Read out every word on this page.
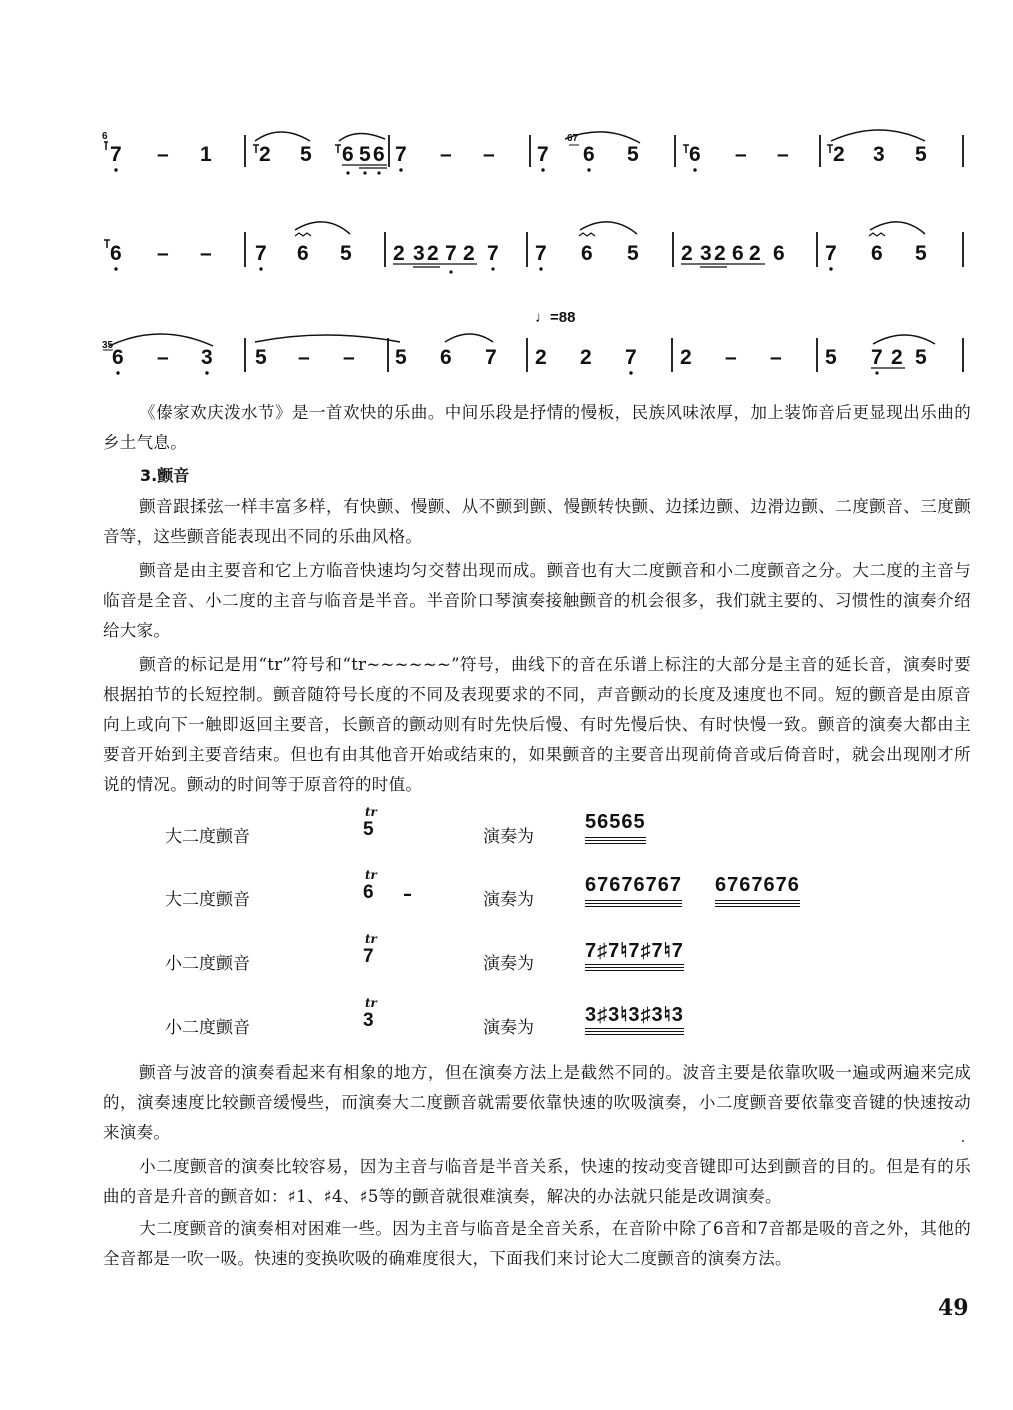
6
7 – 1 2 5 6 5 6 7 – – 7
67
6 5 6 – – 2 3 5
6 – – 7 6 5 2 3 2 7 2 7 7 6 5 2 3 2 6 2 6 7 6 5
♩=88
35
6 – 3 5 – – 5 6 7 2 2 7 2 – – 5 7 2 5
《傣家欢庆泼水节》是一首欢快的乐曲。中间乐段是抒情的慢板，民族风味浓厚，加上装饰音后更显现出乐曲的乡土气息。
3.颤音
颤音跟揉弦一样丰富多样，有快颤、慢颤、从不颤到颤、慢颤转快颤、边揉边颤、边滑边颤、二度颤音、三度颤音等，这些颤音能表现出不同的乐曲风格。
颤音是由主要音和它上方临音快速均匀交替出现而成。颤音也有大二度颤音和小二度颤音之分。大二度的主音与临音是全音、小二度的主音与临音是半音。半音阶口琴演奏接触颤音的机会很多，我们就主要的、习惯性的演奏介绍给大家。
颤音的标记是用“tr”符号和“tr~~~~~~”符号，曲线下的音在乐谱上标注的大部分是主音的延长音，演奏时要根据拍节的长短控制。颤音随符号长度的不同及表现要求的不同，声音颤动的长度及速度也不同。短的颤音是由原音向上或向下一触即返回主要音，长颤音的颤动则有时先快后慢、有时先慢后快、有时快慢一致。颤音的演奏大都由主要音开始到主要音结束。但也有由其他音开始或结束的，如果颤音的主要音出现前倚音或后倚音时，就会出现刚才所说的情况。颤动的时间等于原音符的时值。
大二度颤音
tr
5	演奏为
56565
大二度颤音
tr
6 –	演奏为
67676767 6767676
小二度颤音
tr
7	演奏为
7♯7♮7♯7♮7
小二度颤音
tr
3	演奏为
3♯3♮3♯3♮3
颤音与波音的演奏看起来有相象的地方，但在演奏方法上是截然不同的。波音主要是依靠吹吸一遍或两遍来完成的，演奏速度比较颤音缓慢些，而演奏大二度颤音就需要依靠快速的吹吸演奏，小二度颤音要依靠变音键的快速按动来演奏。
小二度颤音的演奏比较容易，因为主音与临音是半音关系，快速的按动变音键即可达到颤音的目的。但是有的乐曲的音是升音的颤音如：♯1、♯4、♯5等的颤音就很难演奏，解决的办法就只能是改调演奏。
大二度颤音的演奏相对困难一些。因为主音与临音是全音关系，在音阶中除了6音和7音都是吸的音之外，其他的全音都是一吹一吸。快速的变换吹吸的确难度很大，下面我们来讨论大二度颤音的演奏方法。
49
